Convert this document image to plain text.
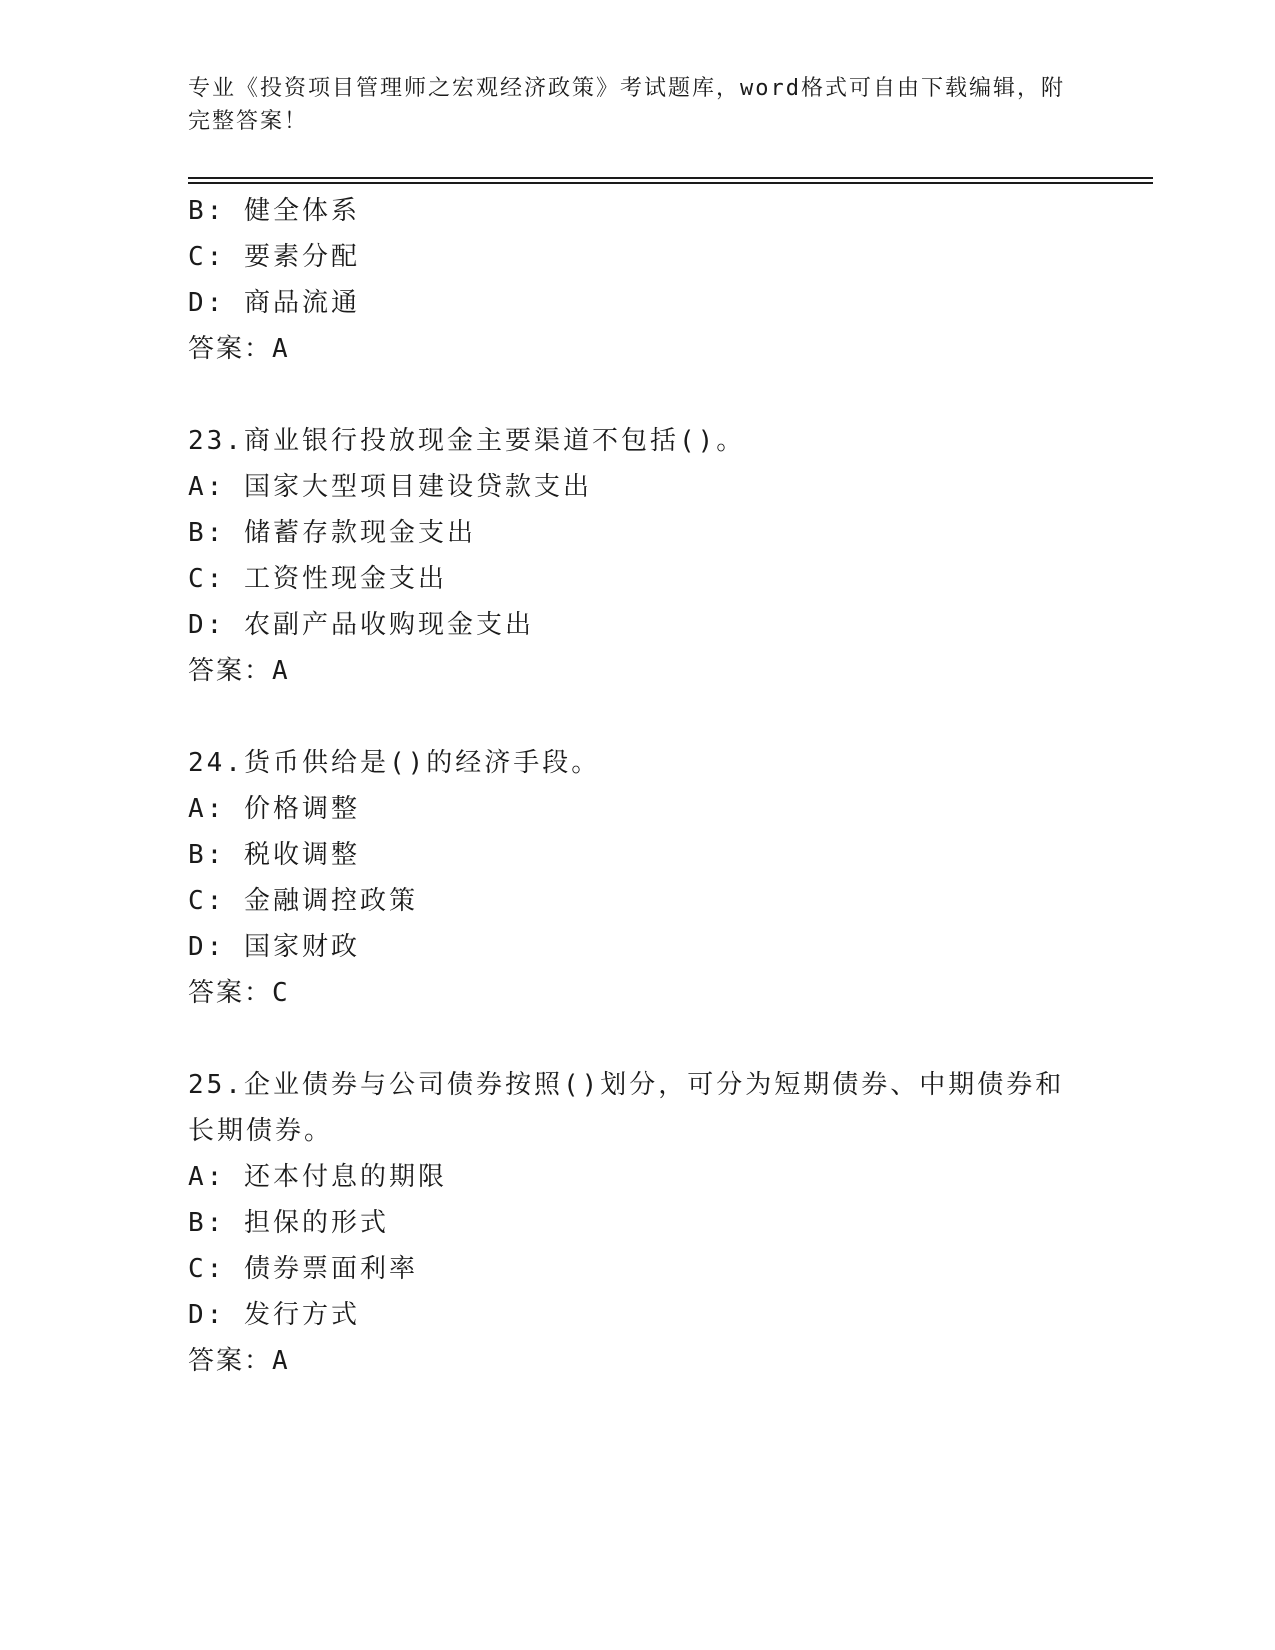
专业《投资项目管理师之宏观经济政策》考试题库，word格式可自由下载编辑，附完整答案！
B: 健全体系
C: 要素分配
D: 商品流通
答案：A
23.商业银行投放现金主要渠道不包括()。
A: 国家大型项目建设贷款支出
B: 储蓄存款现金支出
C: 工资性现金支出
D: 农副产品收购现金支出
答案：A
24.货币供给是()的经济手段。
A: 价格调整
B: 税收调整
C: 金融调控政策
D: 国家财政
答案：C
25.企业债券与公司债券按照()划分，可分为短期债券、中期债券和长期债券。
A: 还本付息的期限
B: 担保的形式
C: 债券票面利率
D: 发行方式
答案：A
